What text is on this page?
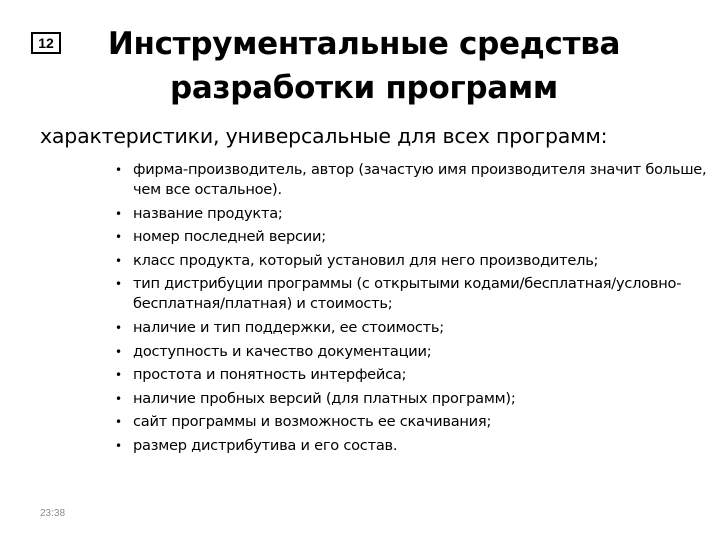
12	Инструментальные средства
разработки программ
характеристики, универсальные для всех программ:
• фирма-производитель, автор (зачастую имя производителя значит больше, чем все остальное).
• название продукта;
• номер последней версии;
• класс продукта, который установил для него производитель;
• тип дистрибуции программы (с открытыми кодами/бесплатная/условно-бесплатная/платная) и стоимость;
• наличие и тип поддержки, ее стоимость;
• доступность и качество документации;
• простота и понятность интерфейса;
• наличие пробных версий (для платных программ);
• сайт программы и возможность ее скачивания;
• размер дистрибутива и его состав.
23:38
